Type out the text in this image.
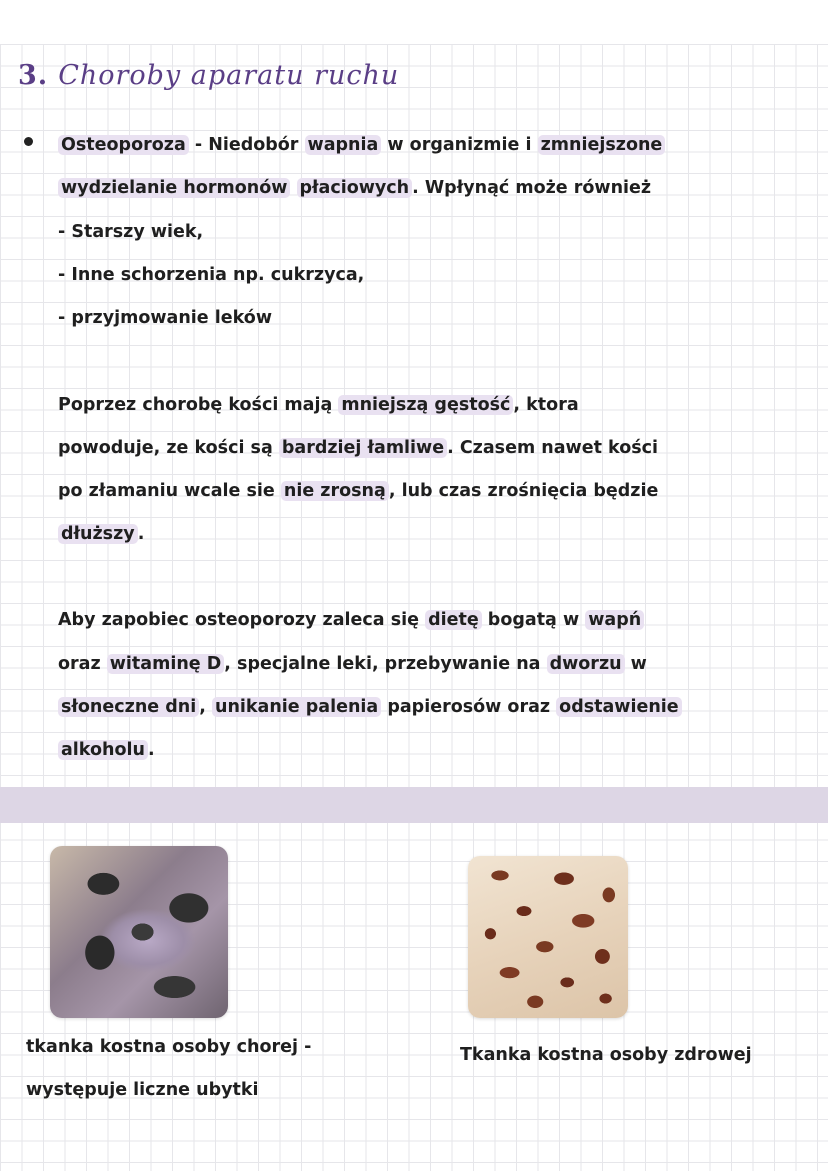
3. Choroby aparatu ruchu
Osteoporoza - Niedobór wapnia w organizmie i zmniejszone
wydzielanie hormonów płaciowych . Wpłynąć może również
- Starszy wiek,
- Inne schorzenia np. cukrzyca,
- przyjmowanie leków
Poprzez chorobę kości mają mniejszą gęstość , ktora
powoduje, ze kości są bardziej łamliwe . Czasem nawet kości
po złamaniu wcale sie nie zrosną , lub czas zrośnięcia będzie
dłuższy .
Aby zapobiec osteoporozy zaleca się dietę bogatą w wapń
oraz witaminę D , specjalne leki, przebywanie na dworzu w
słoneczne dni , unikanie palenia papierosów oraz odstawienie
alkoholu .
tkanka kostna osoby chorej -
występuje liczne ubytki
Tkanka kostna osoby zdrowej
